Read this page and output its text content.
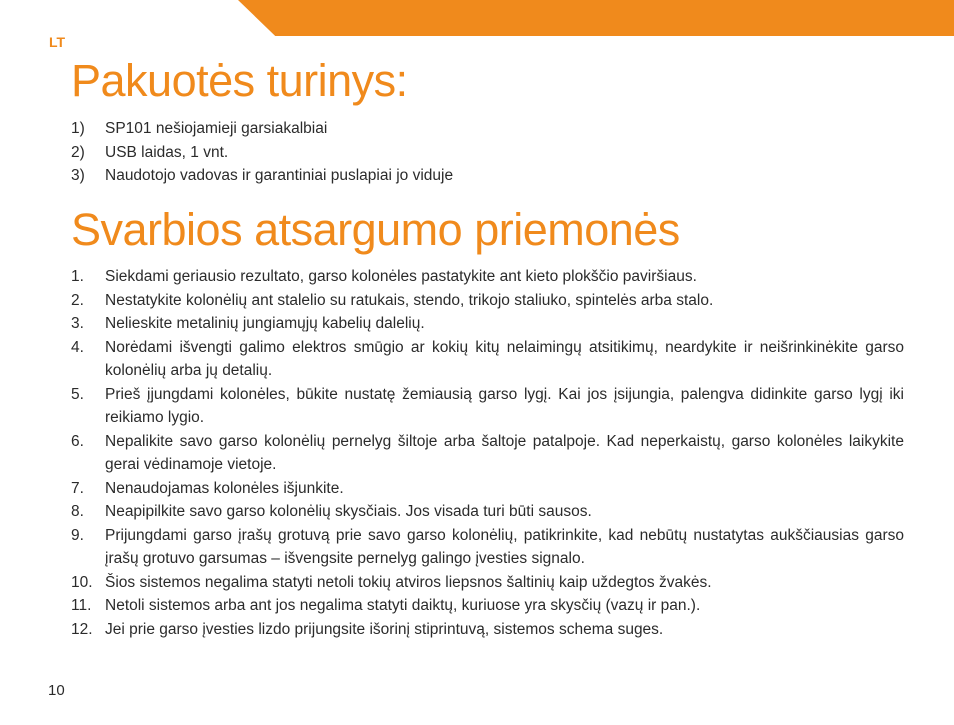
LT
Pakuotės turinys:
1) SP101 nešiojamieji garsiakalbiai
2) USB laidas, 1 vnt.
3) Naudotojo vadovas ir garantiniai puslapiai jo viduje
Svarbios atsargumo priemonės
1. Siekdami geriausio rezultato, garso kolonėles pastatykite ant kieto plokščio paviršiaus.
2. Nestatykite kolonėlių ant stalelio su ratukais, stendo, trikojo staliuko, spintelės arba stalo.
3. Nelieskite metalinių jungiamųjų kabelių dalelių.
4. Norėdami išvengti galimo elektros smūgio ar kokių kitų nelaimingų atsitikimų, neardykite ir neišrinkinėkite garso kolonėlių arba jų detalių.
5. Prieš įjungdami kolonėles, būkite nustatę žemiausią garso lygį. Kai jos įsijungia, palengva didinkite garso lygį iki reikiamo lygio.
6. Nepalikite savo garso kolonėlių pernelyg šiltoje arba šaltoje patalpoje. Kad neperkaistų, garso kolonėles laikykite gerai vėdinamoje vietoje.
7. Nenaudojamas kolonėles išjunkite.
8. Neapipilkite savo garso kolonėlių skysčiais. Jos visada turi būti sausos.
9. Prijungdami garso įrašų grotuvą prie savo garso kolonėlių, patikrinkite, kad nebūtų nustatytas aukščiausias garso įrašų grotuvo garsumas – išvengsite pernelyg galingo įvesties signalo.
10. Šios sistemos negalima statyti netoli tokių atviros liepsnos šaltinių kaip uždegtos žvakės.
11. Netoli sistemos arba ant jos negalima statyti daiktų, kuriuose yra skysčių (vazų ir pan.).
12. Jei prie garso įvesties lizdo prijungsite išorinį stiprintuvą, sistemos schema suges.
10
